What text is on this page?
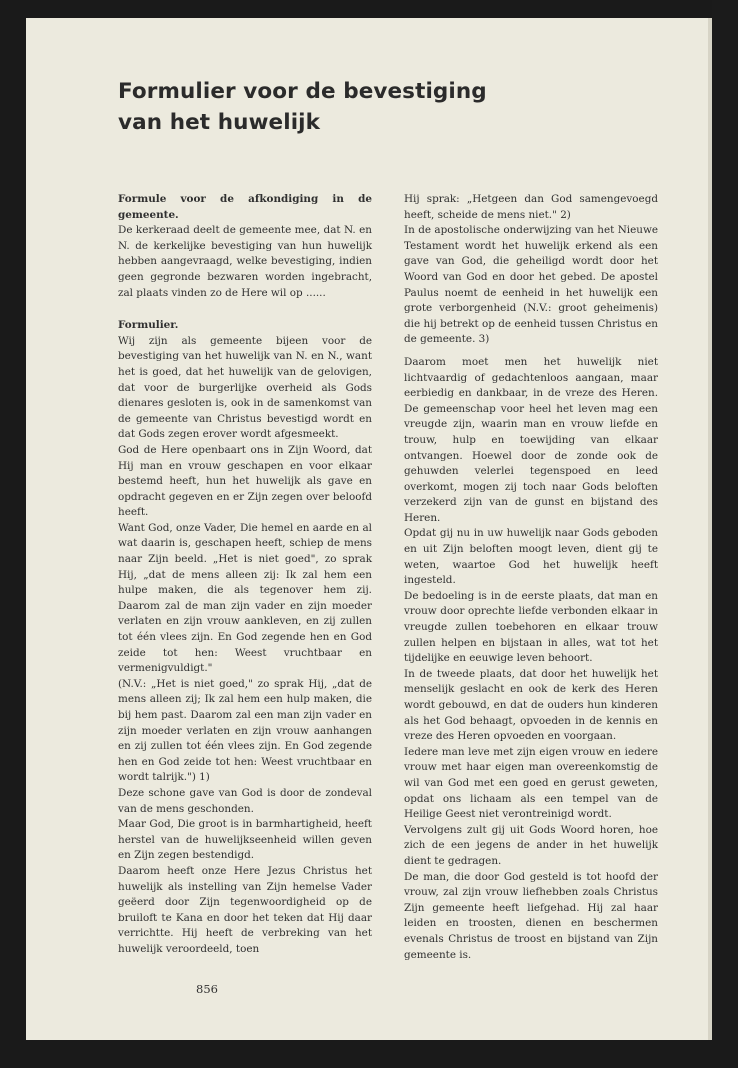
Formulier voor de bevestiging
van het huwelijk

Formule voor de afkondiging in de gemeente.

De kerkeraad deelt de gemeente mee, dat N. en N. de kerkelijke bevestiging van hun huwelijk hebben aangevraagd, welke bevestiging, indien geen gegronde bezwaren worden ingebracht, zal plaats vinden zo de Here wil op ......

Formulier.

Wij zijn als gemeente bijeen voor de bevestiging van het huwelijk van N. en N., want het is goed, dat het huwelijk van de gelovigen, dat voor de burgerlijke overheid als Gods dienares gesloten is, ook in de samenkomst van de gemeente van Christus bevestigd wordt en dat Gods zegen erover wordt afgesmeekt.

God de Here openbaart ons in Zijn Woord, dat Hij man en vrouw geschapen en voor elkaar bestemd heeft, hun het huwelijk als gave en opdracht gegeven en er Zijn zegen over beloofd heeft.

Want God, onze Vader, Die hemel en aarde en al wat daarin is, geschapen heeft, schiep de mens naar Zijn beeld. „Het is niet goed", zo sprak Hij, „dat de mens alleen zij: Ik zal hem een hulpe maken, die als tegenover hem zij. Daarom zal de man zijn vader en zijn moeder verlaten en zijn vrouw aankleven, en zij zullen tot één vlees zijn. En God zegende hen en God zeide tot hen: Weest vruchtbaar en vermenigvuldigt."

(N.V.: „Het is niet goed," zo sprak Hij, „dat de mens alleen zij; Ik zal hem een hulp maken, die bij hem past. Daarom zal een man zijn vader en zijn moeder verlaten en zijn vrouw aanhangen en zij zullen tot één vlees zijn. En God zegende hen en God zeide tot hen: Weest vruchtbaar en wordt talrijk.") 1)

Deze schone gave van God is door de zondeval van de mens geschonden.

Maar God, Die groot is in barmhartigheid, heeft herstel van de huwelijkseenheid willen geven en Zijn zegen bestendigd.

Daarom heeft onze Here Jezus Christus het huwelijk als instelling van Zijn hemelse Vader geëerd door Zijn tegenwoordigheid op de bruiloft te Kana en door het teken dat Hij daar verrichtte. Hij heeft de verbreking van het huwelijk veroordeeld, toen

Hij sprak: „Hetgeen dan God samengevoegd heeft, scheide de mens niet." 2)

In de apostolische onderwijzing van het Nieuwe Testament wordt het huwelijk erkend als een gave van God, die geheiligd wordt door het Woord van God en door het gebed. De apostel Paulus noemt de eenheid in het huwelijk een grote verborgenheid (N.V.: groot geheimenis) die hij betrekt op de eenheid tussen Christus en de gemeente. 3)

Daarom moet men het huwelijk niet lichtvaardig of gedachtenloos aangaan, maar eerbiedig en dankbaar, in de vreze des Heren. De gemeenschap voor heel het leven mag een vreugde zijn, waarin man en vrouw liefde en trouw, hulp en toewijding van elkaar ontvangen. Hoewel door de zonde ook de gehuwden velerlei tegenspoed en leed overkomt, mogen zij toch naar Gods beloften verzekerd zijn van de gunst en bijstand des Heren.

Opdat gij nu in uw huwelijk naar Gods geboden en uit Zijn beloften moogt leven, dient gij te weten, waartoe God het huwelijk heeft ingesteld.

De bedoeling is in de eerste plaats, dat man en vrouw door oprechte liefde verbonden elkaar in vreugde zullen toebehoren en elkaar trouw zullen helpen en bijstaan in alles, wat tot het tijdelijke en eeuwige leven behoort.

In de tweede plaats, dat door het huwelijk het menselijk geslacht en ook de kerk des Heren wordt gebouwd, en dat de ouders hun kinderen als het God behaagt, opvoeden in de kennis en vreze des Heren opvoeden en voorgaan.

Iedere man leve met zijn eigen vrouw en iedere vrouw met haar eigen man overeenkomstig de wil van God met een goed en gerust geweten, opdat ons lichaam als een tempel van de Heilige Geest niet verontreinigd wordt.

Vervolgens zult gij uit Gods Woord horen, hoe zich de een jegens de ander in het huwelijk dient te gedragen.

De man, die door God gesteld is tot hoofd der vrouw, zal zijn vrouw liefhebben zoals Christus Zijn gemeente heeft liefgehad. Hij zal haar leiden en troosten, dienen en beschermen evenals Christus de troost en bijstand van Zijn gemeente is.

856
